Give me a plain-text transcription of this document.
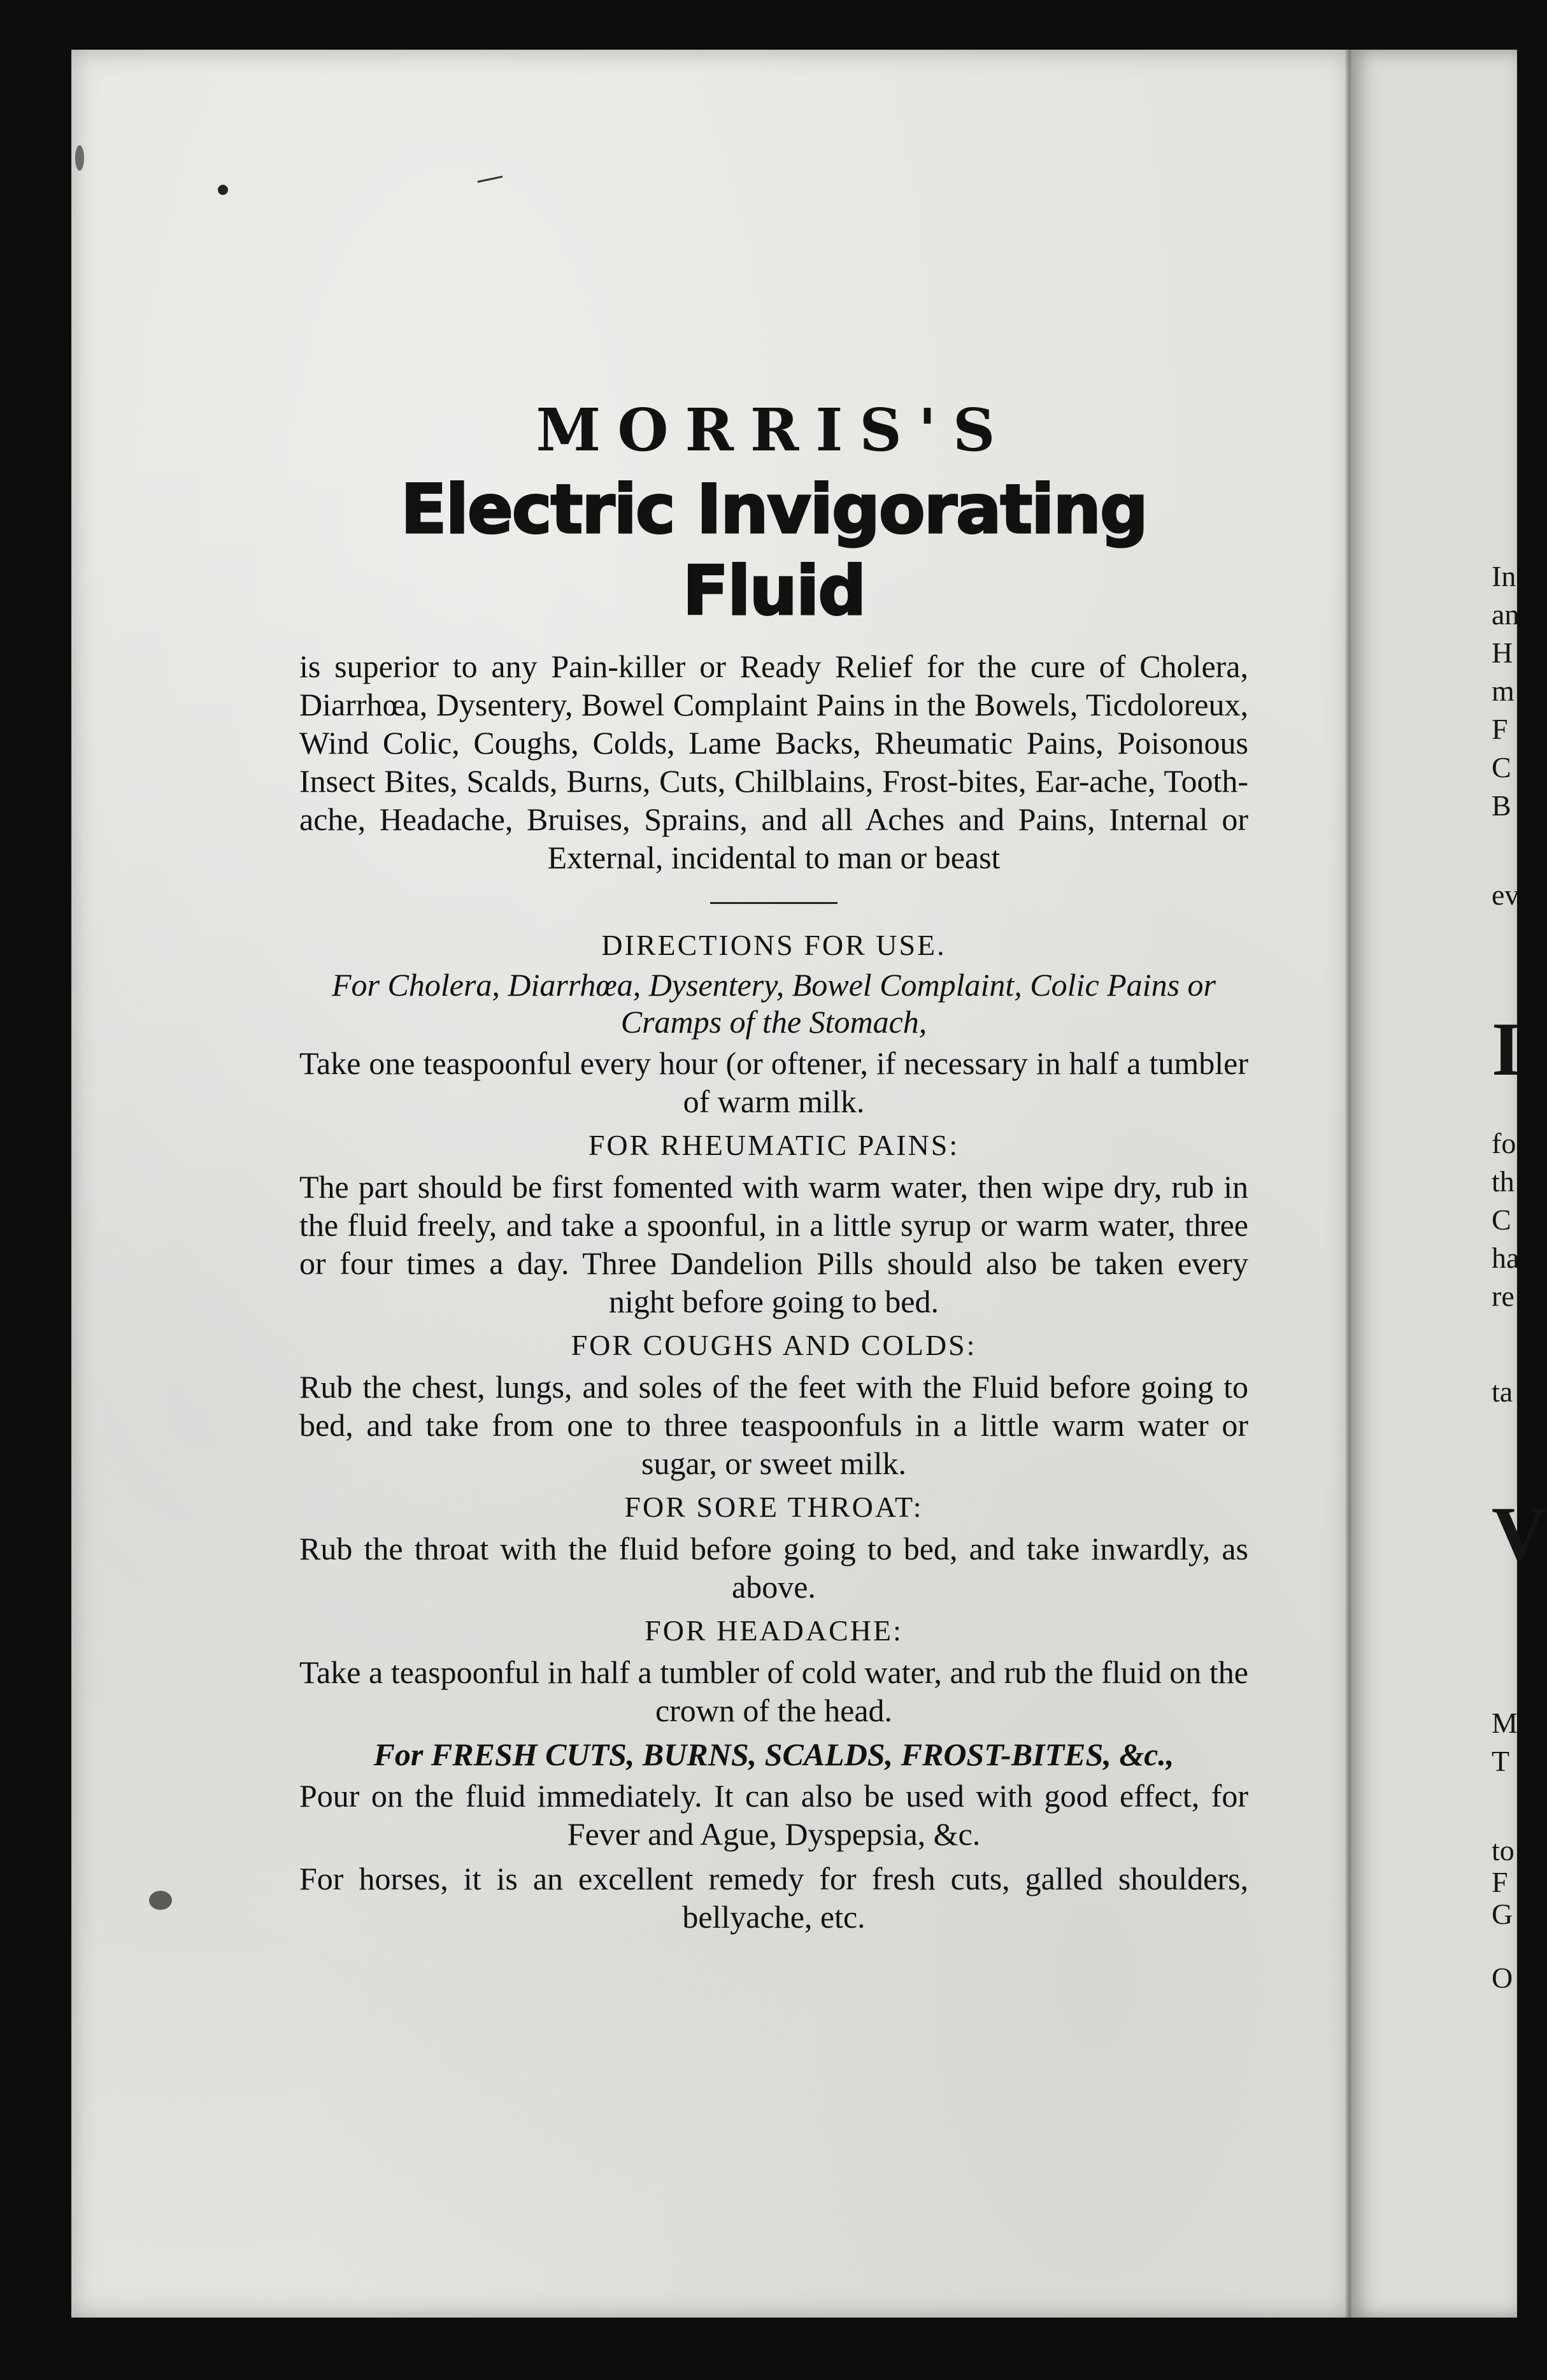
In
an
H
m
F
C
B
ev
I
fo
th
C
ha
re
ta
V
M
T
to
F
G
O
MORRIS'S
Electric Invigorating Fluid

is superior to any Pain-killer or Ready Relief for the cure of Cholera, Diarrhœa, Dysentery, Bowel Complaint Pains in the Bowels, Ticdoloreux, Wind Colic, Coughs, Colds, Lame Backs, Rheumatic Pains, Poisonous Insect Bites, Scalds, Burns, Cuts, Chilblains, Frost-bites, Ear-ache, Tooth-ache, Headache, Bruises, Sprains, and all Aches and Pains, Internal or External, incidental to man or beast

DIRECTIONS FOR USE.
For Cholera, Diarrhœa, Dysentery, Bowel Complaint, Colic Pains or Cramps of the Stomach,

Take one teaspoonful every hour (or oftener, if necessary in half a tumbler of warm milk.

FOR RHEUMATIC PAINS:

The part should be first fomented with warm water, then wipe dry, rub in the fluid freely, and take a spoonful, in a little syrup or warm water, three or four times a day. Three Dandelion Pills should also be taken every night before going to bed.

FOR COUGHS AND COLDS:

Rub the chest, lungs, and soles of the feet with the Fluid before going to bed, and take from one to three teaspoonfuls in a little warm water or sugar, or sweet milk.

FOR SORE THROAT:

Rub the throat with the fluid before going to bed, and take inwardly, as above.

FOR HEADACHE:

Take a teaspoonful in half a tumbler of cold water, and rub the fluid on the crown of the head.

For FRESH CUTS, BURNS, SCALDS, FROST-BITES, &c.,

Pour on the fluid immediately. It can also be used with good effect, for Fever and Ague, Dyspepsia, &c.

For horses, it is an excellent remedy for fresh cuts, galled shoulders, bellyache, etc.
